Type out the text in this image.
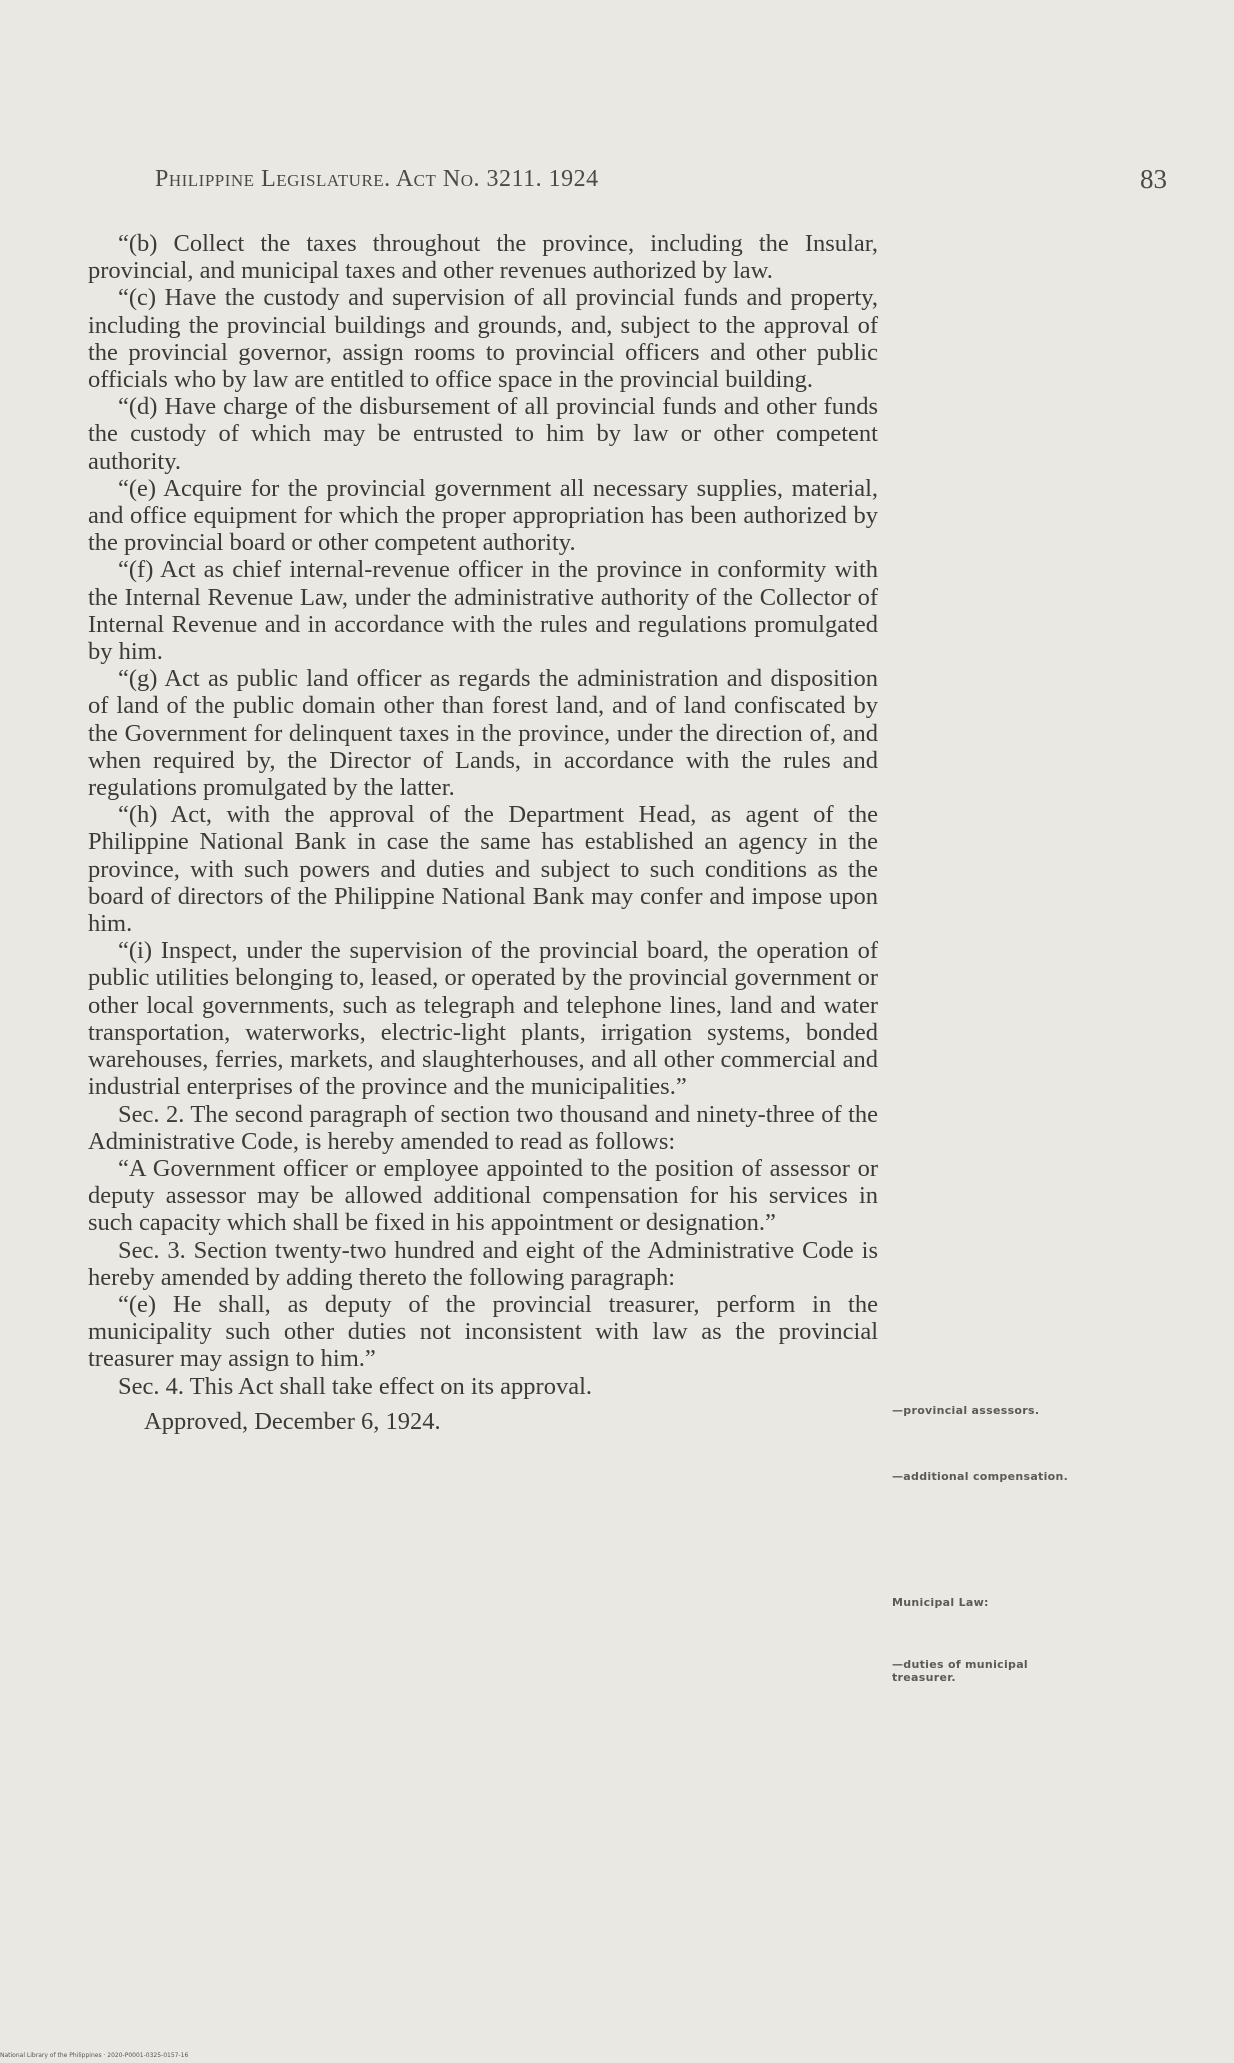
Philippine Legislature. Act No. 3211. 1924	83

“(b) Collect the taxes throughout the province, including the Insular, provincial, and municipal taxes and other revenues authorized by law.

“(c) Have the custody and supervision of all provincial funds and property, including the provincial buildings and grounds, and, subject to the approval of the provincial governor, assign rooms to provincial officers and other public officials who by law are entitled to office space in the provincial building.

“(d) Have charge of the disbursement of all provincial funds and other funds the custody of which may be entrusted to him by law or other competent authority.

“(e) Acquire for the provincial government all necessary supplies, material, and office equipment for which the proper appropriation has been authorized by the provincial board or other competent authority.

“(f) Act as chief internal-revenue officer in the province in conformity with the Internal Revenue Law, under the administrative authority of the Collector of Internal Revenue and in accordance with the rules and regulations promulgated by him.

“(g) Act as public land officer as regards the administration and disposition of land of the public domain other than forest land, and of land confiscated by the Government for delinquent taxes in the province, under the direction of, and when required by, the Director of Lands, in accordance with the rules and regulations promulgated by the latter.

“(h) Act, with the approval of the Department Head, as agent of the Philippine National Bank in case the same has established an agency in the province, with such powers and duties and subject to such conditions as the board of directors of the Philippine National Bank may confer and impose upon him.

“(i) Inspect, under the supervision of the provincial board, the operation of public utilities belonging to, leased, or operated by the provincial government or other local governments, such as telegraph and telephone lines, land and water transportation, waterworks, electric-light plants, irrigation systems, bonded warehouses, ferries, markets, and slaughterhouses, and all other commercial and industrial enterprises of the province and the municipalities.”

Sec. 2. The second paragraph of section two thousand and ninety-three of the Administrative Code, is hereby amended to read as follows:

“A Government officer or employee appointed to the position of assessor or deputy assessor may be allowed additional compensation for his services in such capacity which shall be fixed in his appointment or designation.”

Sec. 3. Section twenty-two hundred and eight of the Administrative Code is hereby amended by adding thereto the following paragraph:

“(e) He shall, as deputy of the provincial treasurer, perform in the municipality such other duties not inconsistent with law as the provincial treasurer may assign to him.”

Sec. 4. This Act shall take effect on its approval.

Approved, December 6, 1924.	—provincial assessors.
—additional compensation.
Municipal Law:
—duties of municipal treasurer.
National Library of the Philippines · 2020-P0001-0325-0157-16
